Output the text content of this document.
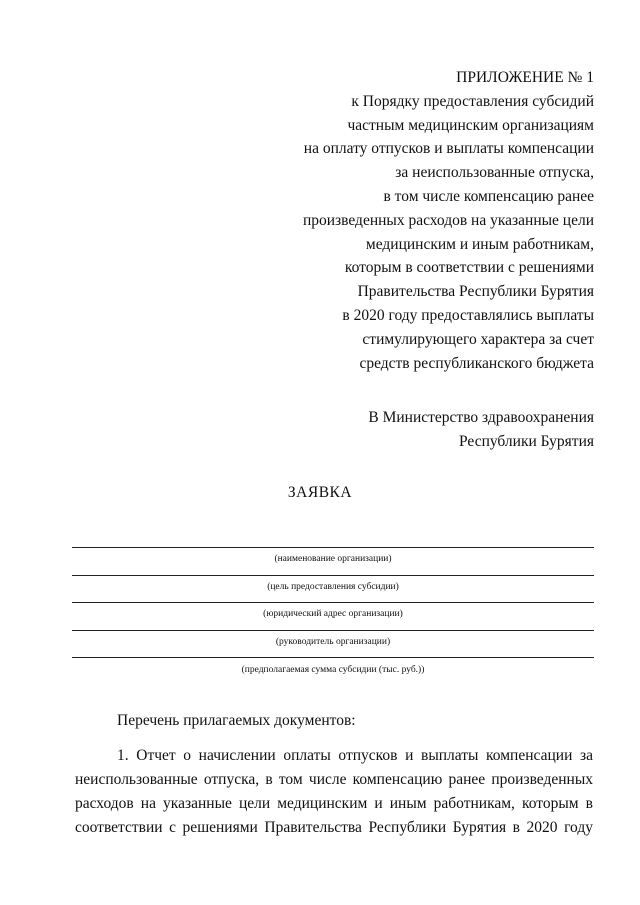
ПРИЛОЖЕНИЕ № 1
к Порядку предоставления субсидий
частным медицинским организациям
на оплату отпусков и выплаты компенсации
за неиспользованные отпуска,
в том числе компенсацию ранее
произведенных расходов на указанные цели
медицинским и иным работникам,
которым в соответствии с решениями
Правительства Республики Бурятия
в 2020 году предоставлялись выплаты
стимулирующего характера за счет
средств республиканского бюджета
В Министерство здравоохранения
Республики Бурятия
ЗАЯВКА
(наименование организации)
(цель предоставления субсидии)
(юридический адрес организации)
(руководитель организации)
(предполагаемая сумма субсидии (тыс. руб.))
Перечень прилагаемых документов:
1. Отчет о начислении оплаты отпусков и выплаты компенсации за
неиспользованные отпуска, в том числе компенсацию ранее произведенных
расходов на указанные цели медицинским и иным работникам, которым в
соответствии с решениями Правительства Республики Бурятия в 2020 году
